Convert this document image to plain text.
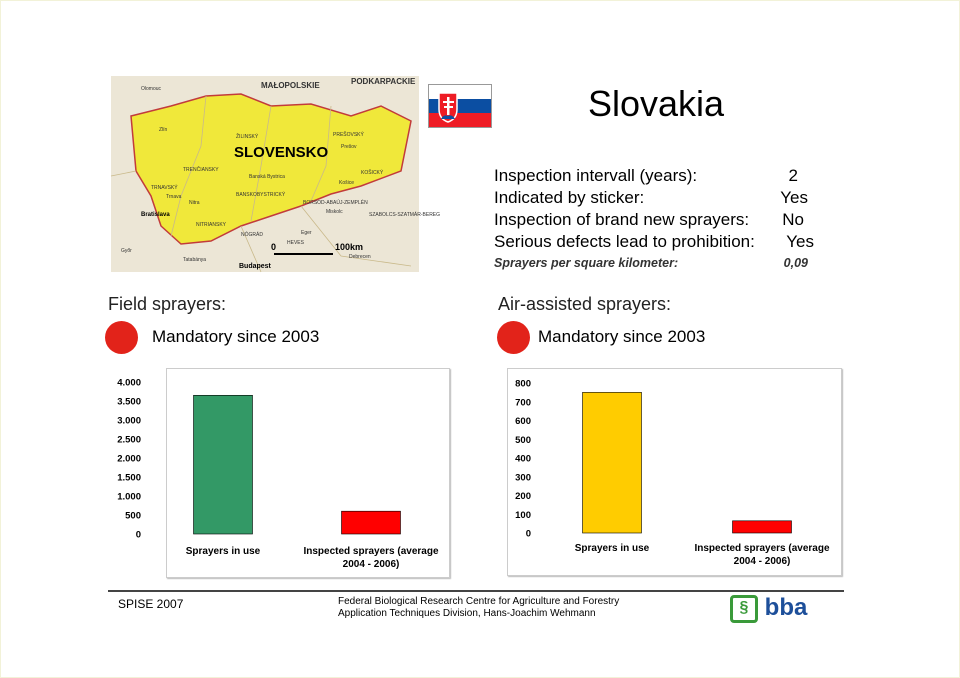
SLOVENSKO
MAŁOPOLSKIE	PODKARPACKIE
ŽILINSKÝ	PREŠOVSKÝ
KOŠICKÝ
TRENČIANSKY
TRNAVSKÝ
NITRIANSKY
BANSKOBYSTRICKÝ
Bratislava
Budapest
BORSOD-ABAÚJ-ZEMPLÉN
SZABOLCS-SZATMÁR-BEREG
HEVES
NÓGRÁD
Olomouc
Zlín
Prešov
Košice
Banská Bystrica
Nitra
Trnava
Miskolc
Debrecen
Eger
Tatabánya
Győr	0	100km
Slovakia
Inspection intervall (years):	2
Indicated by sticker:	Yes
Inspection of brand new sprayers: No
Serious defects lead to prohibition: Yes
Sprayers per square kilometer:	0,09
Field sprayers:
Mandatory since 2003
Air-assisted sprayers:
Mandatory since 2003
0
500
1.000
1.500
2.000
2.500
3.000
3.500
4.000
Sprayers in use	Inspected sprayers (average
2004 - 2006)
0
100
200
300
400
500
600
700
800
Sprayers in use	Inspected sprayers (average
2004 - 2006)
SPISE 2007	Federal Biological Research Centre for Agriculture and Forestry
Application Techniques Division, Hans-Joachim Wehmann	§ bba
